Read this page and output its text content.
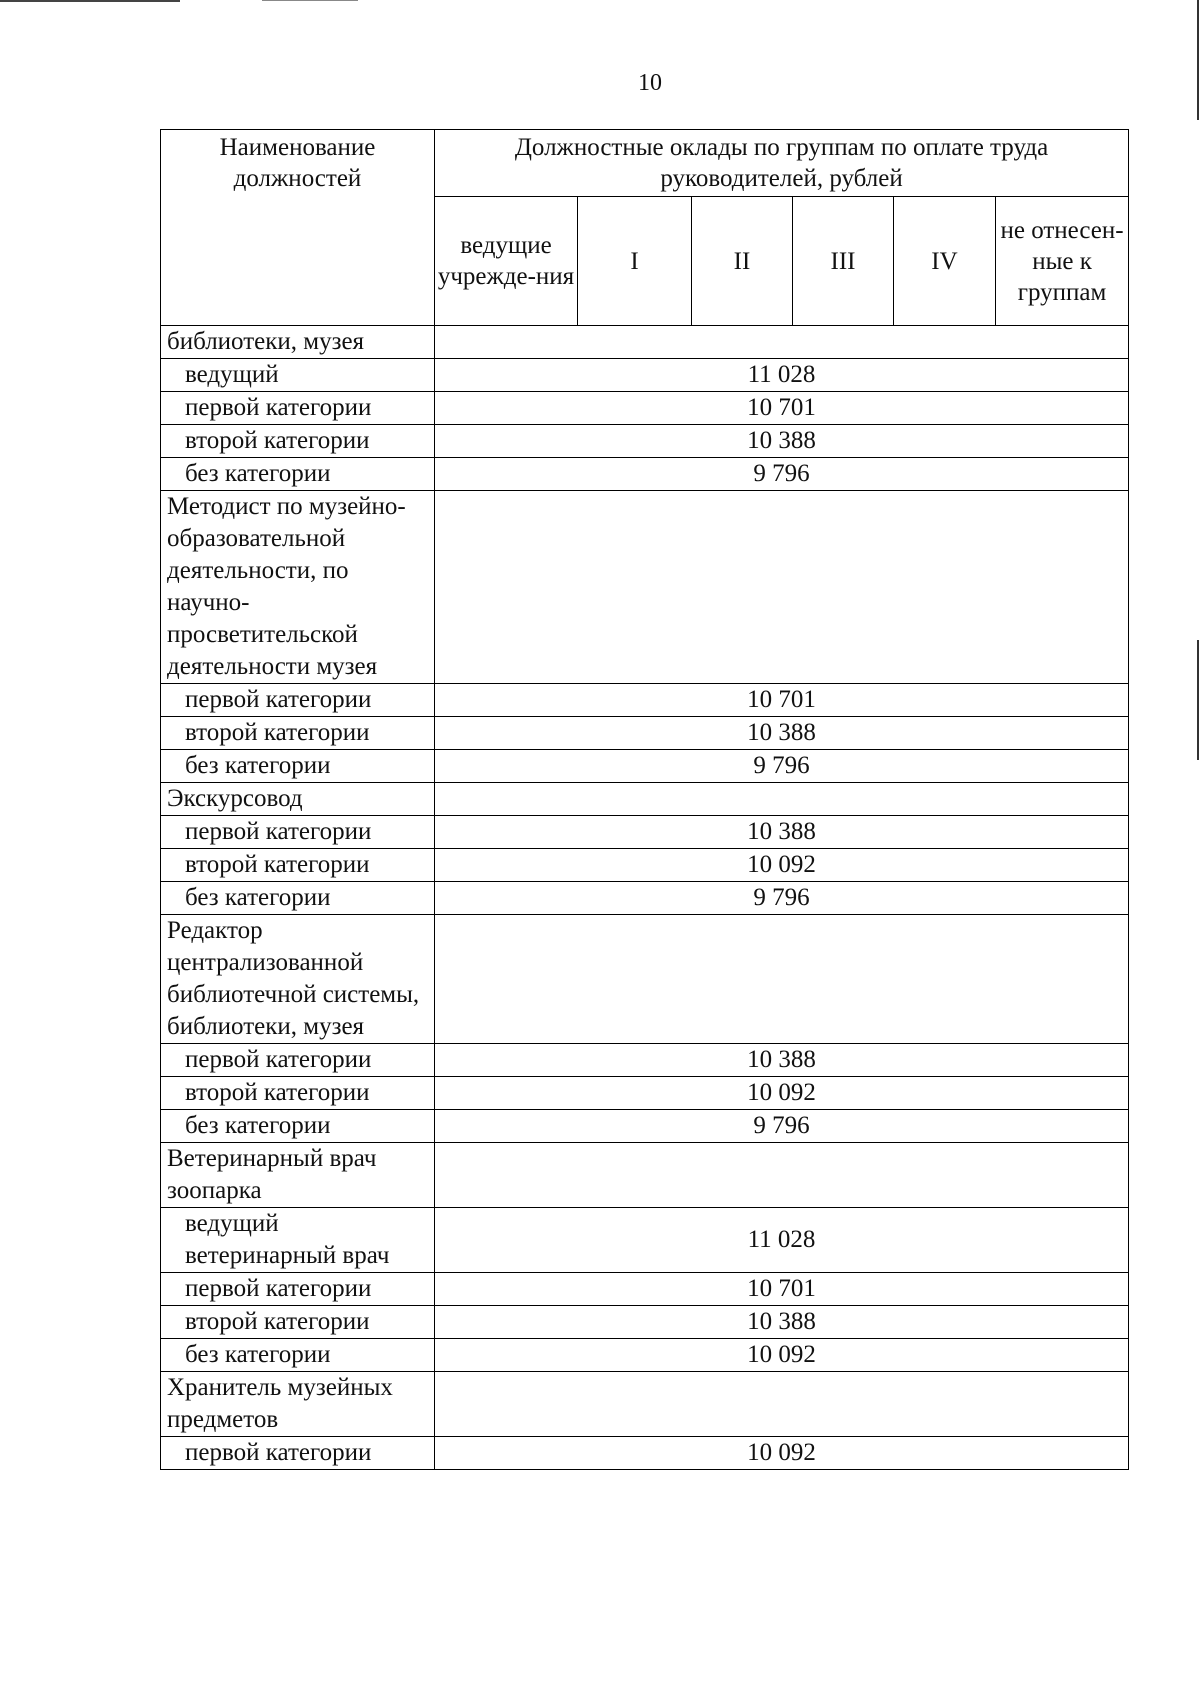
10
Наименование должностей	Должностные оклады по группам по оплате труда руководителей, рублей					
	ведущие учрежде-ния	I	II	III	IV	не отнесен-ные к группам
библиотеки, музея						
ведущий	11 028					
первой категории	10 701					
второй категории	10 388					
без категории	9 796					
Методист по музейно-образовательной деятельности, по научно-просветительской деятельности музея						
первой категории	10 701					
второй категории	10 388					
без категории	9 796					
Экскурсовод						
первой категории	10 388					
второй категории	10 092					
без категории	9 796					
Редактор централизованной библиотечной системы, библиотеки, музея						
первой категории	10 388					
второй категории	10 092					
без категории	9 796					
Ветеринарный врач зоопарка						
ведущий ветеринарный врач	11 028					
первой категории	10 701					
второй категории	10 388					
без категории	10 092					
Хранитель музейных предметов						
первой категории	10 092					
